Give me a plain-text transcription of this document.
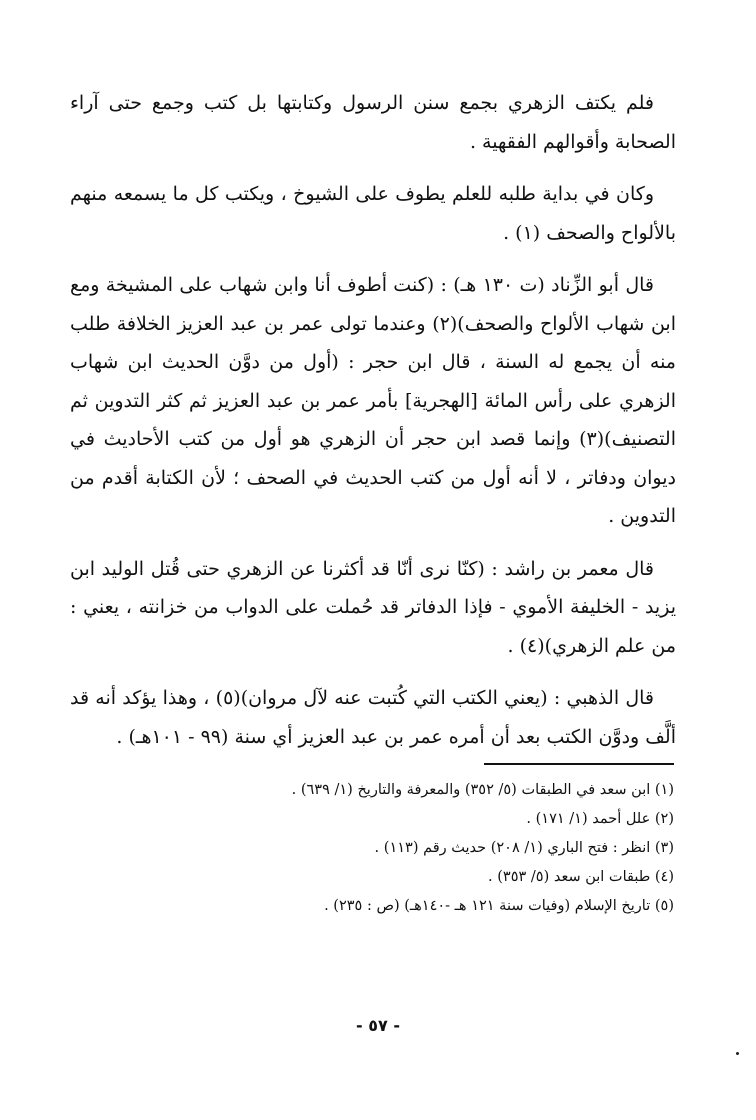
فلم يكتف الزهري بجمع سنن الرسول وكتابتها بل كتب وجمع حتى آراء الصحابة وأقوالهم الفقهية .

وكان في بداية طلبه للعلم يطوف على الشيوخ ، ويكتب كل ما يسمعه منهم بالألواح والصحف (١) .

قال أبو الزِّناد (ت ١٣٠ هـ) : (كنت أطوف أنا وابن شهاب على المشيخة ومع ابن شهاب الألواح والصحف)(٢) وعندما تولى عمر بن عبد العزيز الخلافة طلب منه أن يجمع له السنة ، قال ابن حجر : (أول من دوَّن الحديث ابن شهاب الزهري على رأس المائة [الهجرية] بأمر عمر بن عبد العزيز ثم كثر التدوين ثم التصنيف)(٣) وإنما قصد ابن حجر أن الزهري هو أول من كتب الأحاديث في ديوان ودفاتر ، لا أنه أول من كتب الحديث في الصحف ؛ لأن الكتابة أقدم من التدوين .

قال معمر بن راشد : (كنّا نرى أنّا قد أكثرنا عن الزهري حتى قُتل الوليد ابن يزيد - الخليفة الأموي - فإذا الدفاتر قد حُملت على الدواب من خزانته ، يعني : من علم الزهري)(٤) .

قال الذهبي : (يعني الكتب التي كُتبت عنه لآل مروان)(٥) ، وهذا يؤكد أنه قد ألَّف ودوَّن الكتب بعد أن أمره عمر بن عبد العزيز أي سنة (٩٩ - ١٠١هـ) .

(١) ابن سعد في الطبقات (٥/ ٣٥٢) والمعرفة والتاريخ (١/ ٦٣٩) .

(٢) علل أحمد (١/ ١٧١) .

(٣) انظر : فتح الباري (١/ ٢٠٨) حديث رقم (١١٣) .

(٤) طبقات ابن سعد (٥/ ٣٥٣) .

(٥) تاريخ الإسلام (وفيات سنة ١٢١ هـ -١٤٠هـ) (ص : ٢٣٥) .

- ٥٧ -
